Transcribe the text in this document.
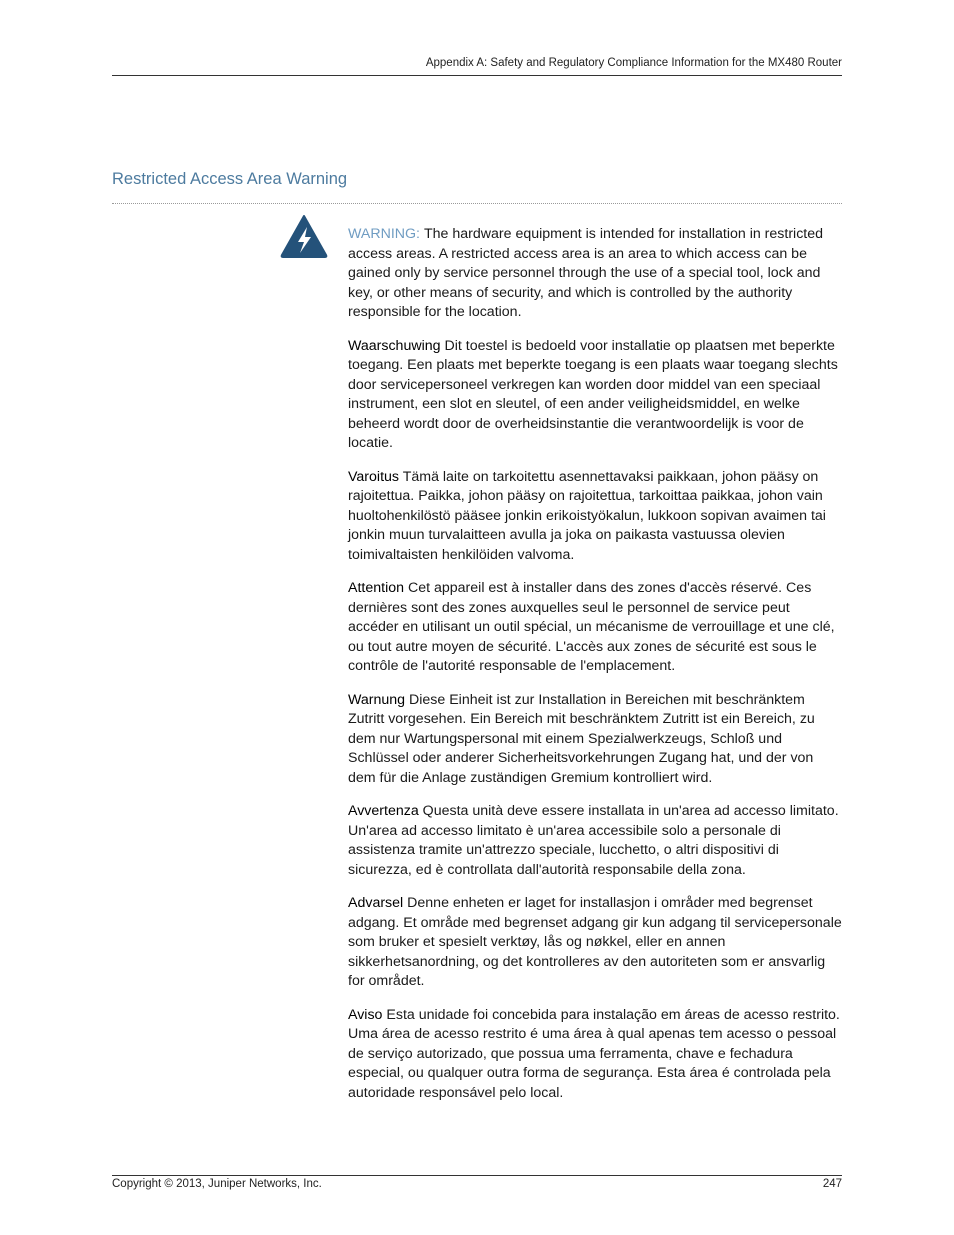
Appendix A: Safety and Regulatory Compliance Information for the MX480 Router
Restricted Access Area Warning

WARNING: The hardware equipment is intended for installation in restricted access areas. A restricted access area is an area to which access can be gained only by service personnel through the use of a special tool, lock and key, or other means of security, and which is controlled by the authority responsible for the location.

Waarschuwing Dit toestel is bedoeld voor installatie op plaatsen met beperkte toegang. Een plaats met beperkte toegang is een plaats waar toegang slechts door servicepersoneel verkregen kan worden door middel van een speciaal instrument, een slot en sleutel, of een ander veiligheidsmiddel, en welke beheerd wordt door de overheidsinstantie die verantwoordelijk is voor de locatie.

Varoitus Tämä laite on tarkoitettu asennettavaksi paikkaan, johon pääsy on rajoitettua. Paikka, johon pääsy on rajoitettua, tarkoittaa paikkaa, johon vain huoltohenkilöstö pääsee jonkin erikoistyökalun, lukkoon sopivan avaimen tai jonkin muun turvalaitteen avulla ja joka on paikasta vastuussa olevien toimivaltaisten henkilöiden valvoma.

Attention Cet appareil est à installer dans des zones d'accès réservé. Ces dernières sont des zones auxquelles seul le personnel de service peut accéder en utilisant un outil spécial, un mécanisme de verrouillage et une clé, ou tout autre moyen de sécurité. L'accès aux zones de sécurité est sous le contrôle de l'autorité responsable de l'emplacement.

Warnung Diese Einheit ist zur Installation in Bereichen mit beschränktem Zutritt vorgesehen. Ein Bereich mit beschränktem Zutritt ist ein Bereich, zu dem nur Wartungspersonal mit einem Spezialwerkzeugs, Schloß und Schlüssel oder anderer Sicherheitsvorkehrungen Zugang hat, und der von dem für die Anlage zuständigen Gremium kontrolliert wird.

Avvertenza Questa unità deve essere installata in un'area ad accesso limitato. Un'area ad accesso limitato è un'area accessibile solo a personale di assistenza tramite un'attrezzo speciale, lucchetto, o altri dispositivi di sicurezza, ed è controllata dall'autorità responsabile della zona.

Advarsel Denne enheten er laget for installasjon i områder med begrenset adgang. Et område med begrenset adgang gir kun adgang til servicepersonale som bruker et spesielt verktøy, lås og nøkkel, eller en annen sikkerhetsanordning, og det kontrolleres av den autoriteten som er ansvarlig for området.

Aviso Esta unidade foi concebida para instalação em áreas de acesso restrito. Uma área de acesso restrito é uma área à qual apenas tem acesso o pessoal de serviço autorizado, que possua uma ferramenta, chave e fechadura especial, ou qualquer outra forma de segurança. Esta área é controlada pela autoridade responsável pelo local.

Copyright © 2013, Juniper Networks, Inc.	247
